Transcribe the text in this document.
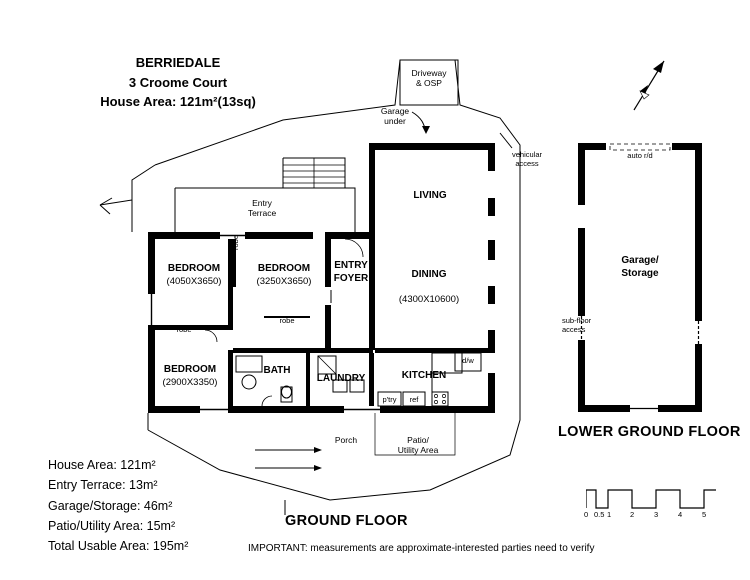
BERRIEDALE
3 Croome Court
House Area: 121m²(13sq)
BEDROOM
(4050X3650)
BEDROOM
(3250X3650)
ENTRY
FOYER
LIVING
DINING
(4300X10600)
BEDROOM
(2900X3350)
BATH
LAUNDRY	KITCHEN
robe
robe
robe
d/w
p'try	ref
Driveway
& OSP
Garage
under
vehicular
access
Entry
Terrace
Porch	Patio/
Utility Area
auto r/d
sub-floor
access
Garage/
Storage
LOWER GROUND FLOOR
GROUND FLOOR
House Area: 121m²
Entry Terrace: 13m²
Garage/Storage: 46m²
Patio/Utility Area: 15m²
Total Usable Area: 195m²
0 0.5 1	2	3	4	5
IMPORTANT: measurements are approximate-interested parties need to verify
